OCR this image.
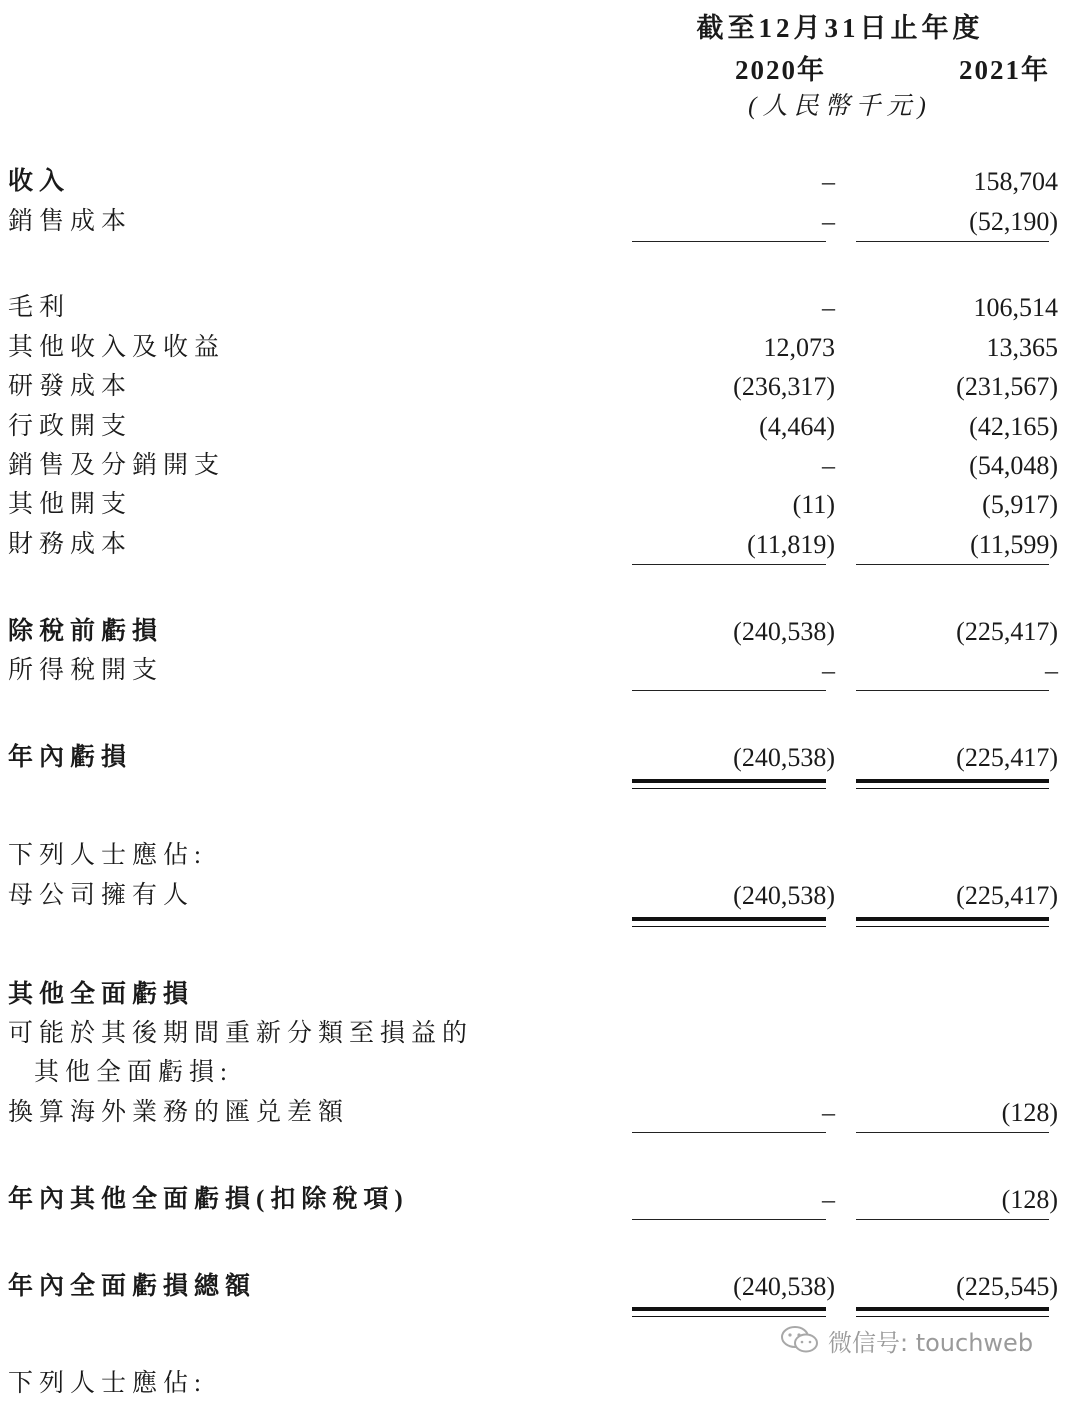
截至12月31日止年度
2020年	2021年
(人民幣千元)
收入	–	158,704
銷售成本	–	(52,190)
毛利	–	106,514
其他收入及收益	12,073	13,365
研發成本	(236,317)	(231,567)
行政開支	(4,464)	(42,165)
銷售及分銷開支	–	(54,048)
其他開支	(11)	(5,917)
財務成本	(11,819)	(11,599)
除稅前虧損	(240,538)	(225,417)
所得稅開支	–	–
年內虧損	(240,538)	(225,417)
下列人士應佔:
母公司擁有人	(240,538)	(225,417)
其他全面虧損
可能於其後期間重新分類至損益的
其他全面虧損:
換算海外業務的匯兑差額	–	(128)
年內其他全面虧損(扣除稅項)	–	(128)
年內全面虧損總額	(240,538)	(225,545)
下列人士應佔:
微信号: touchweb
